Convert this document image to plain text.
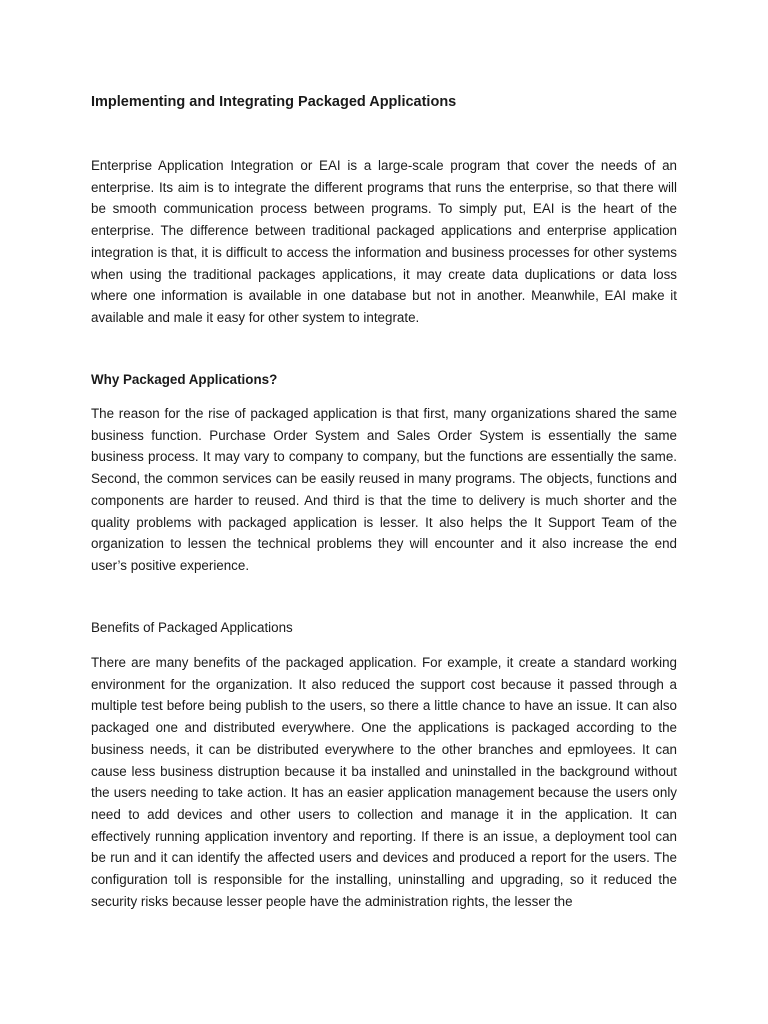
Implementing and Integrating Packaged Applications

Enterprise Application Integration or EAI is a large-scale program that cover the needs of an enterprise. Its aim is to integrate the different programs that runs the enterprise, so that there will be smooth communication process between programs. To simply put, EAI is the heart of the enterprise. The difference between traditional packaged applications and enterprise application integration is that, it is difficult to access the information and business processes for other systems when using the traditional packages applications, it may create data duplications or data loss where one information is available in one database but not in another. Meanwhile, EAI make it available and male it easy for other system to integrate.

Why Packaged Applications?

The reason for the rise of packaged application is that first, many organizations shared the same business function. Purchase Order System and Sales Order System is essentially the same business process. It may vary to company to company, but the functions are essentially the same. Second, the common services can be easily reused in many programs. The objects, functions and components are harder to reused. And third is that the time to delivery is much shorter and the quality problems with packaged application is lesser. It also helps the It Support Team of the organization to lessen the technical problems they will encounter and it also increase the end user’s positive experience.

Benefits of Packaged Applications

There are many benefits of the packaged application. For example, it create a standard working environment for the organization. It also reduced the support cost because it passed through a multiple test before being publish to the users, so there a little chance to have an issue. It can also packaged one and distributed everywhere. One the applications is packaged according to the business needs, it can be distributed everywhere to the other branches and epmloyees. It can cause less business distruption because it ba installed and uninstalled in the background without the users needing to take action. It has an easier application management because the users only need to add devices and other users to collection and manage it in the application. It can effectively running application inventory and reporting. If there is an issue, a deployment tool can be run and it can identify the affected users and devices and produced a report for the users. The configuration toll is responsible for the installing, uninstalling and upgrading, so it reduced the security risks because lesser people have the administration rights, the lesser the
